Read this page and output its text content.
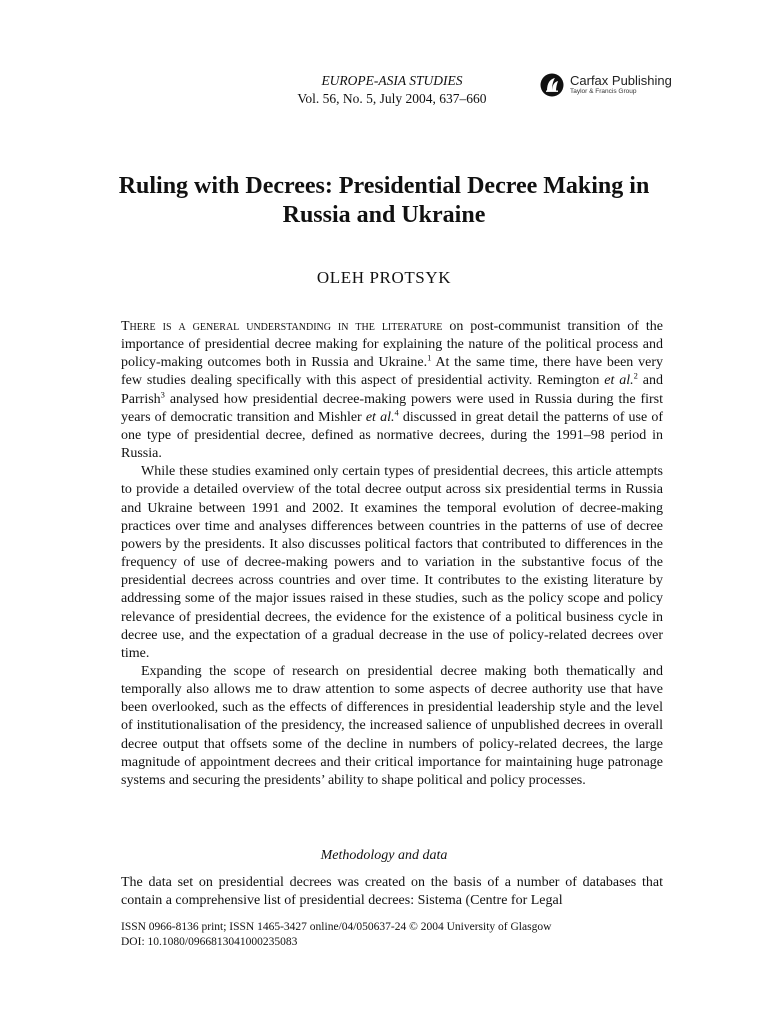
EUROPE-ASIA STUDIES
Vol. 56, No. 5, July 2004, 637–660
Carfax Publishing
Taylor & Francis Group
Ruling with Decrees: Presidential Decree Making in Russia and Ukraine
OLEH PROTSYK

There is a general understanding in the literature on post-communist transition of the importance of presidential decree making for explaining the nature of the political process and policy-making outcomes both in Russia and Ukraine.$^1$ At the same time, there have been very few studies dealing specifically with this aspect of presidential activity. Remington et al.$^2$ and Parrish$^3$ analysed how presidential decree-making powers were used in Russia during the first years of democratic transition and Mishler et al.$^4$ discussed in great detail the patterns of use of one type of presidential decree, defined as normative decrees, during the 1991–98 period in Russia.

While these studies examined only certain types of presidential decrees, this article attempts to provide a detailed overview of the total decree output across six presidential terms in Russia and Ukraine between 1991 and 2002. It examines the temporal evolution of decree-making practices over time and analyses differences between countries in the patterns of use of decree powers by the presidents. It also discusses political factors that contributed to differences in the frequency of use of decree-making powers and to variation in the substantive focus of the presidential decrees across countries and over time. It contributes to the existing literature by addressing some of the major issues raised in these studies, such as the policy scope and policy relevance of presidential decrees, the evidence for the existence of a political business cycle in decree use, and the expectation of a gradual decrease in the use of policy-related decrees over time.

Expanding the scope of research on presidential decree making both thematically and temporally also allows me to draw attention to some aspects of decree authority use that have been overlooked, such as the effects of differences in presidential leadership style and the level of institutionalisation of the presidency, the increased salience of unpublished decrees in overall decree output that offsets some of the decline in numbers of policy-related decrees, the large magnitude of appointment decrees and their critical importance for maintaining huge patronage systems and securing the presidents’ ability to shape political and policy processes.

Methodology and data

The data set on presidential decrees was created on the basis of a number of databases that contain a comprehensive list of presidential decrees: Sistema (Centre for Legal

ISSN 0966-8136 print; ISSN 1465-3427 online/04/050637-24 © 2004 University of Glasgow
DOI: 10.1080/0966813041000235083
